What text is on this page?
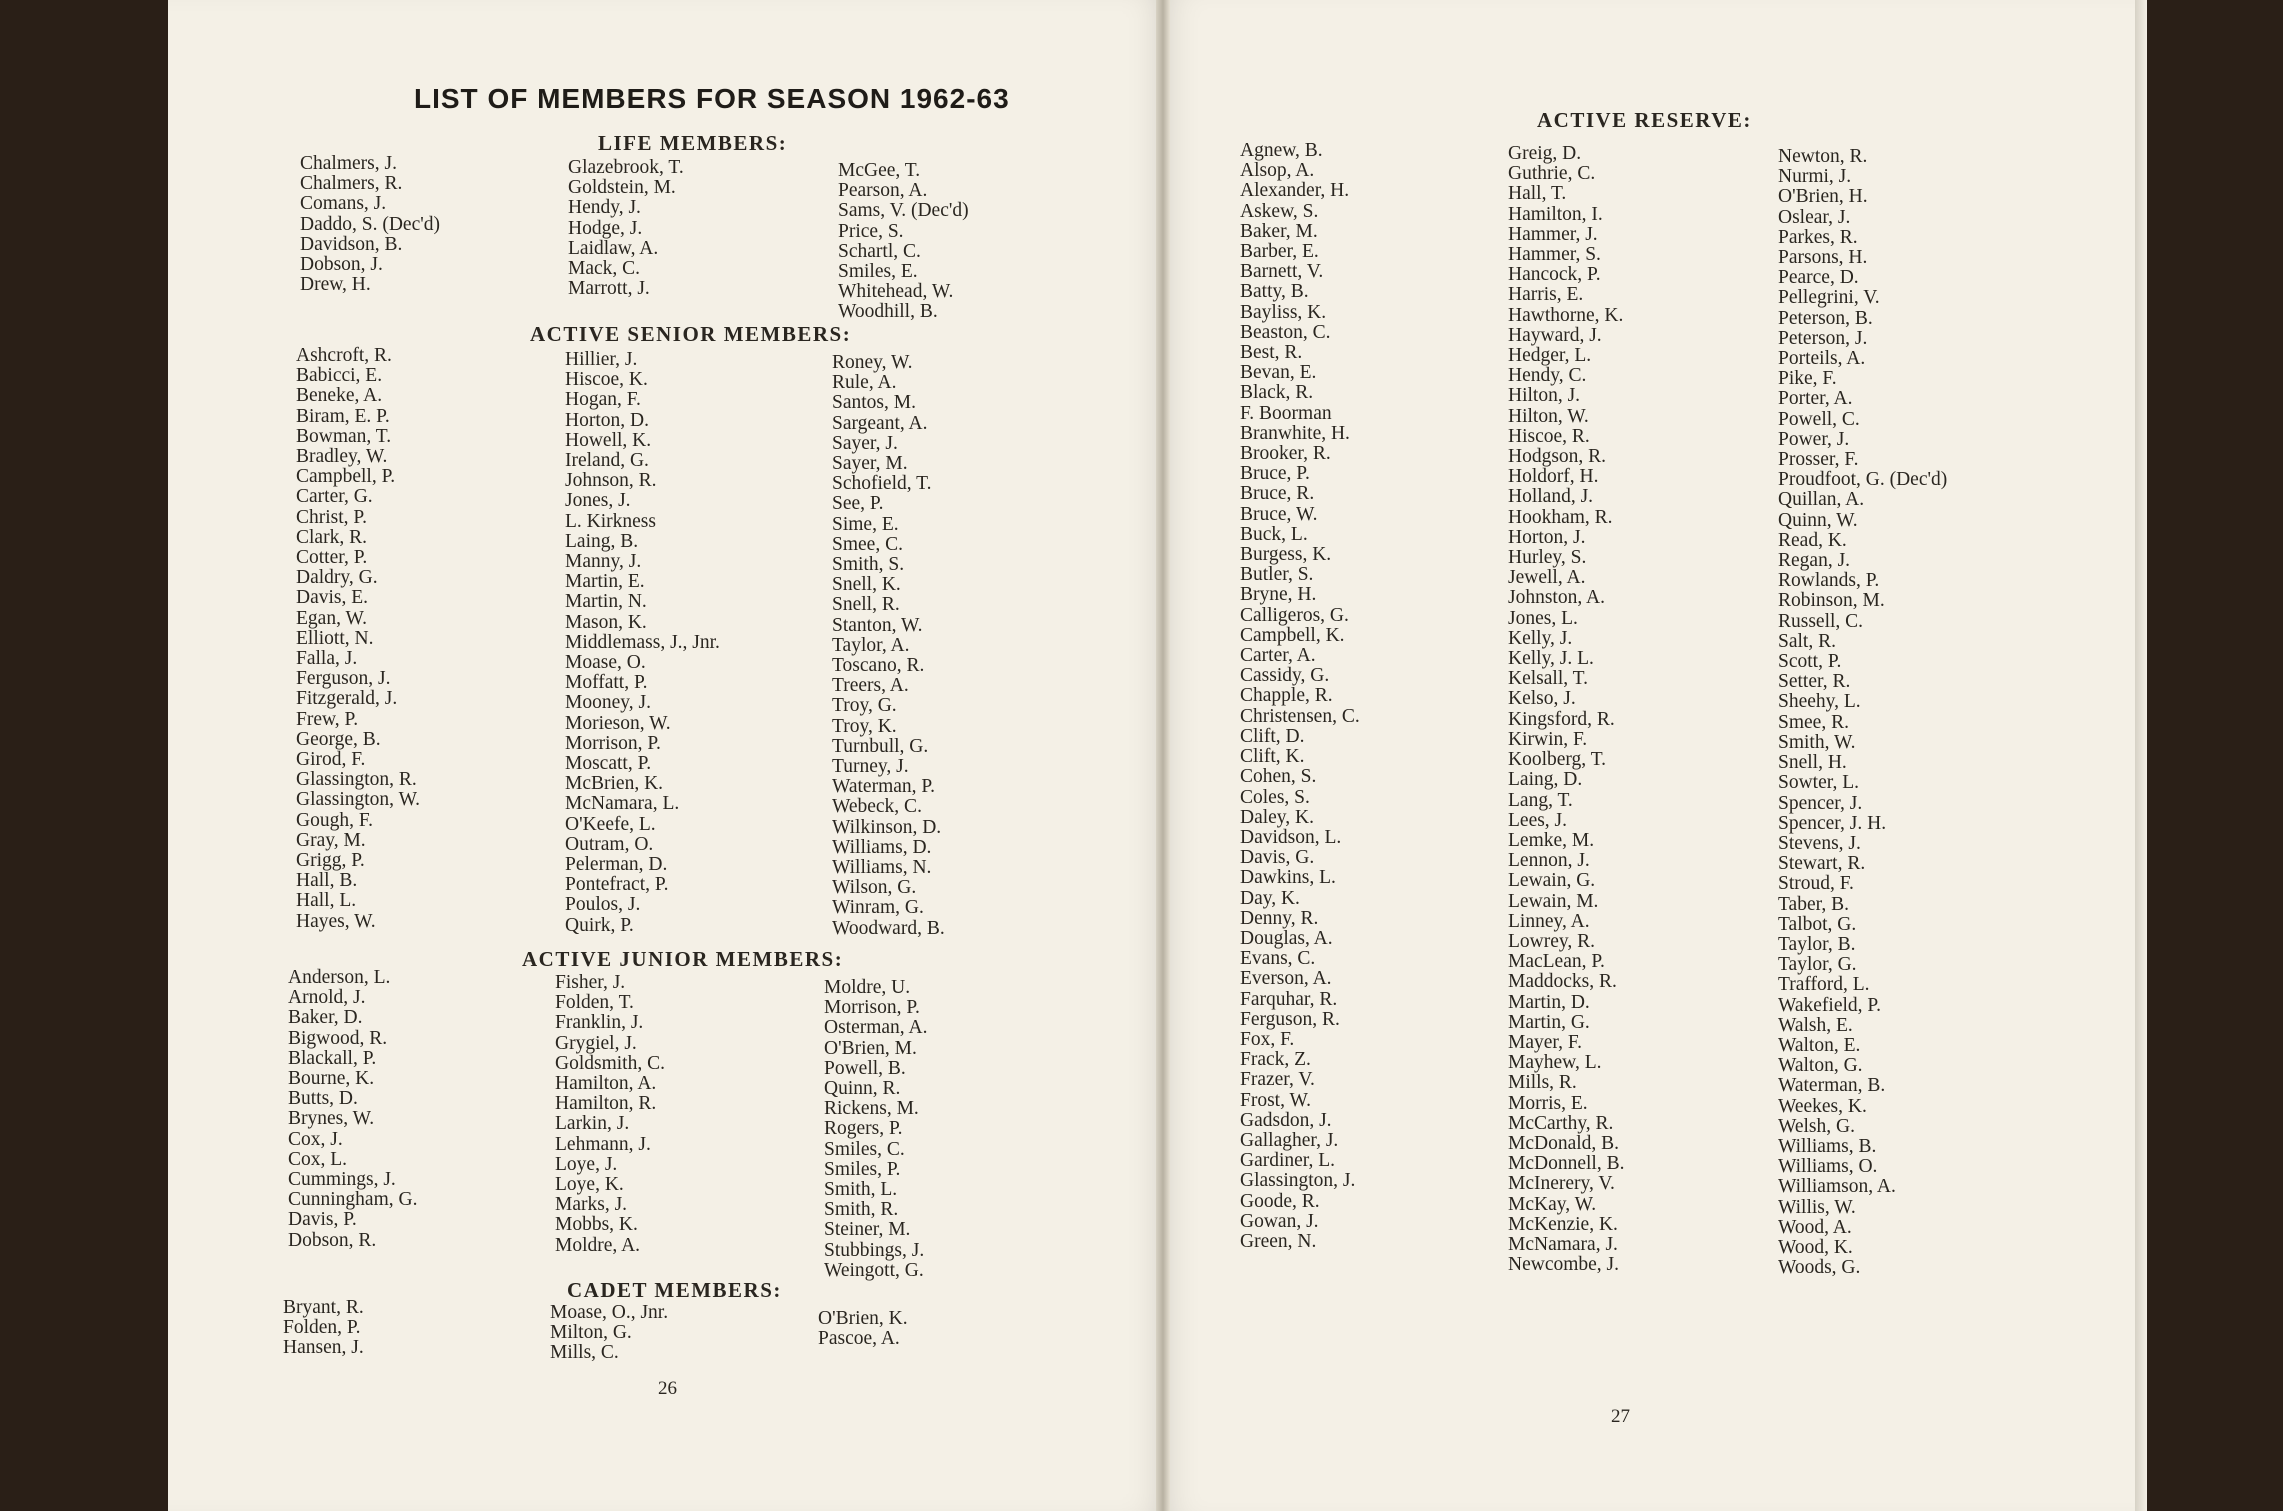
LIST OF MEMBERS FOR SEASON 1962-63
LIFE MEMBERS:
Chalmers, J.
Chalmers, R.
Comans, J.
Daddo, S. (Dec'd)
Davidson, B.
Dobson, J.
Drew, H.
Glazebrook, T.
Goldstein, M.
Hendy, J.
Hodge, J.
Laidlaw, A.
Mack, C.
Marrott, J.
McGee, T.
Pearson, A.
Sams, V. (Dec'd)
Price, S.
Schartl, C.
Smiles, E.
Whitehead, W.
Woodhill, B.
ACTIVE SENIOR MEMBERS:
Ashcroft, R.
Babicci, E.
Beneke, A.
Biram, E. P.
Bowman, T.
Bradley, W.
Campbell, P.
Carter, G.
Christ, P.
Clark, R.
Cotter, P.
Daldry, G.
Davis, E.
Egan, W.
Elliott, N.
Falla, J.
Ferguson, J.
Fitzgerald, J.
Frew, P.
George, B.
Girod, F.
Glassington, R.
Glassington, W.
Gough, F.
Gray, M.
Grigg, P.
Hall, B.
Hall, L.
Hayes, W.
Hillier, J.
Hiscoe, K.
Hogan, F.
Horton, D.
Howell, K.
Ireland, G.
Johnson, R.
Jones, J.
L. Kirkness
Laing, B.
Manny, J.
Martin, E.
Martin, N.
Mason, K.
Middlemass, J., Jnr.
Moase, O.
Moffatt, P.
Mooney, J.
Morieson, W.
Morrison, P.
Moscatt, P.
McBrien, K.
McNamara, L.
O'Keefe, L.
Outram, O.
Pelerman, D.
Pontefract, P.
Poulos, J.
Quirk, P.
Roney, W.
Rule, A.
Santos, M.
Sargeant, A.
Sayer, J.
Sayer, M.
Schofield, T.
See, P.
Sime, E.
Smee, C.
Smith, S.
Snell, K.
Snell, R.
Stanton, W.
Taylor, A.
Toscano, R.
Treers, A.
Troy, G.
Troy, K.
Turnbull, G.
Turney, J.
Waterman, P.
Webeck, C.
Wilkinson, D.
Williams, D.
Williams, N.
Wilson, G.
Winram, G.
Woodward, B.
ACTIVE JUNIOR MEMBERS:
Anderson, L.
Arnold, J.
Baker, D.
Bigwood, R.
Blackall, P.
Bourne, K.
Butts, D.
Brynes, W.
Cox, J.
Cox, L.
Cummings, J.
Cunningham, G.
Davis, P.
Dobson, R.
Fisher, J.
Folden, T.
Franklin, J.
Grygiel, J.
Goldsmith, C.
Hamilton, A.
Hamilton, R.
Larkin, J.
Lehmann, J.
Loye, J.
Loye, K.
Marks, J.
Mobbs, K.
Moldre, A.
Moldre, U.
Morrison, P.
Osterman, A.
O'Brien, M.
Powell, B.
Quinn, R.
Rickens, M.
Rogers, P.
Smiles, C.
Smiles, P.
Smith, L.
Smith, R.
Steiner, M.
Stubbings, J.
Weingott, G.
CADET MEMBERS:
Bryant, R.
Folden, P.
Hansen, J.
Moase, O., Jnr.
Milton, G.
Mills, C.
O'Brien, K.
Pascoe, A.
26
ACTIVE RESERVE:
Agnew, B.
Alsop, A.
Alexander, H.
Askew, S.
Baker, M.
Barber, E.
Barnett, V.
Batty, B.
Bayliss, K.
Beaston, C.
Best, R.
Bevan, E.
Black, R.
F. Boorman
Branwhite, H.
Brooker, R.
Bruce, P.
Bruce, R.
Bruce, W.
Buck, L.
Burgess, K.
Butler, S.
Bryne, H.
Calligeros, G.
Campbell, K.
Carter, A.
Cassidy, G.
Chapple, R.
Christensen, C.
Clift, D.
Clift, K.
Cohen, S.
Coles, S.
Daley, K.
Davidson, L.
Davis, G.
Dawkins, L.
Day, K.
Denny, R.
Douglas, A.
Evans, C.
Everson, A.
Farquhar, R.
Ferguson, R.
Fox, F.
Frack, Z.
Frazer, V.
Frost, W.
Gadsdon, J.
Gallagher, J.
Gardiner, L.
Glassington, J.
Goode, R.
Gowan, J.
Green, N.
Greig, D.
Guthrie, C.
Hall, T.
Hamilton, I.
Hammer, J.
Hammer, S.
Hancock, P.
Harris, E.
Hawthorne, K.
Hayward, J.
Hedger, L.
Hendy, C.
Hilton, J.
Hilton, W.
Hiscoe, R.
Hodgson, R.
Holdorf, H.
Holland, J.
Hookham, R.
Horton, J.
Hurley, S.
Jewell, A.
Johnston, A.
Jones, L.
Kelly, J.
Kelly, J. L.
Kelsall, T.
Kelso, J.
Kingsford, R.
Kirwin, F.
Koolberg, T.
Laing, D.
Lang, T.
Lees, J.
Lemke, M.
Lennon, J.
Lewain, G.
Lewain, M.
Linney, A.
Lowrey, R.
MacLean, P.
Maddocks, R.
Martin, D.
Martin, G.
Mayer, F.
Mayhew, L.
Mills, R.
Morris, E.
McCarthy, R.
McDonald, B.
McDonnell, B.
McInerery, V.
McKay, W.
McKenzie, K.
McNamara, J.
Newcombe, J.
Newton, R.
Nurmi, J.
O'Brien, H.
Oslear, J.
Parkes, R.
Parsons, H.
Pearce, D.
Pellegrini, V.
Peterson, B.
Peterson, J.
Porteils, A.
Pike, F.
Porter, A.
Powell, C.
Power, J.
Prosser, F.
Proudfoot, G. (Dec'd)
Quillan, A.
Quinn, W.
Read, K.
Regan, J.
Rowlands, P.
Robinson, M.
Russell, C.
Salt, R.
Scott, P.
Setter, R.
Sheehy, L.
Smee, R.
Smith, W.
Snell, H.
Sowter, L.
Spencer, J.
Spencer, J. H.
Stevens, J.
Stewart, R.
Stroud, F.
Taber, B.
Talbot, G.
Taylor, B.
Taylor, G.
Trafford, L.
Wakefield, P.
Walsh, E.
Walton, E.
Walton, G.
Waterman, B.
Weekes, K.
Welsh, G.
Williams, B.
Williams, O.
Williamson, A.
Willis, W.
Wood, A.
Wood, K.
Woods, G.
27
